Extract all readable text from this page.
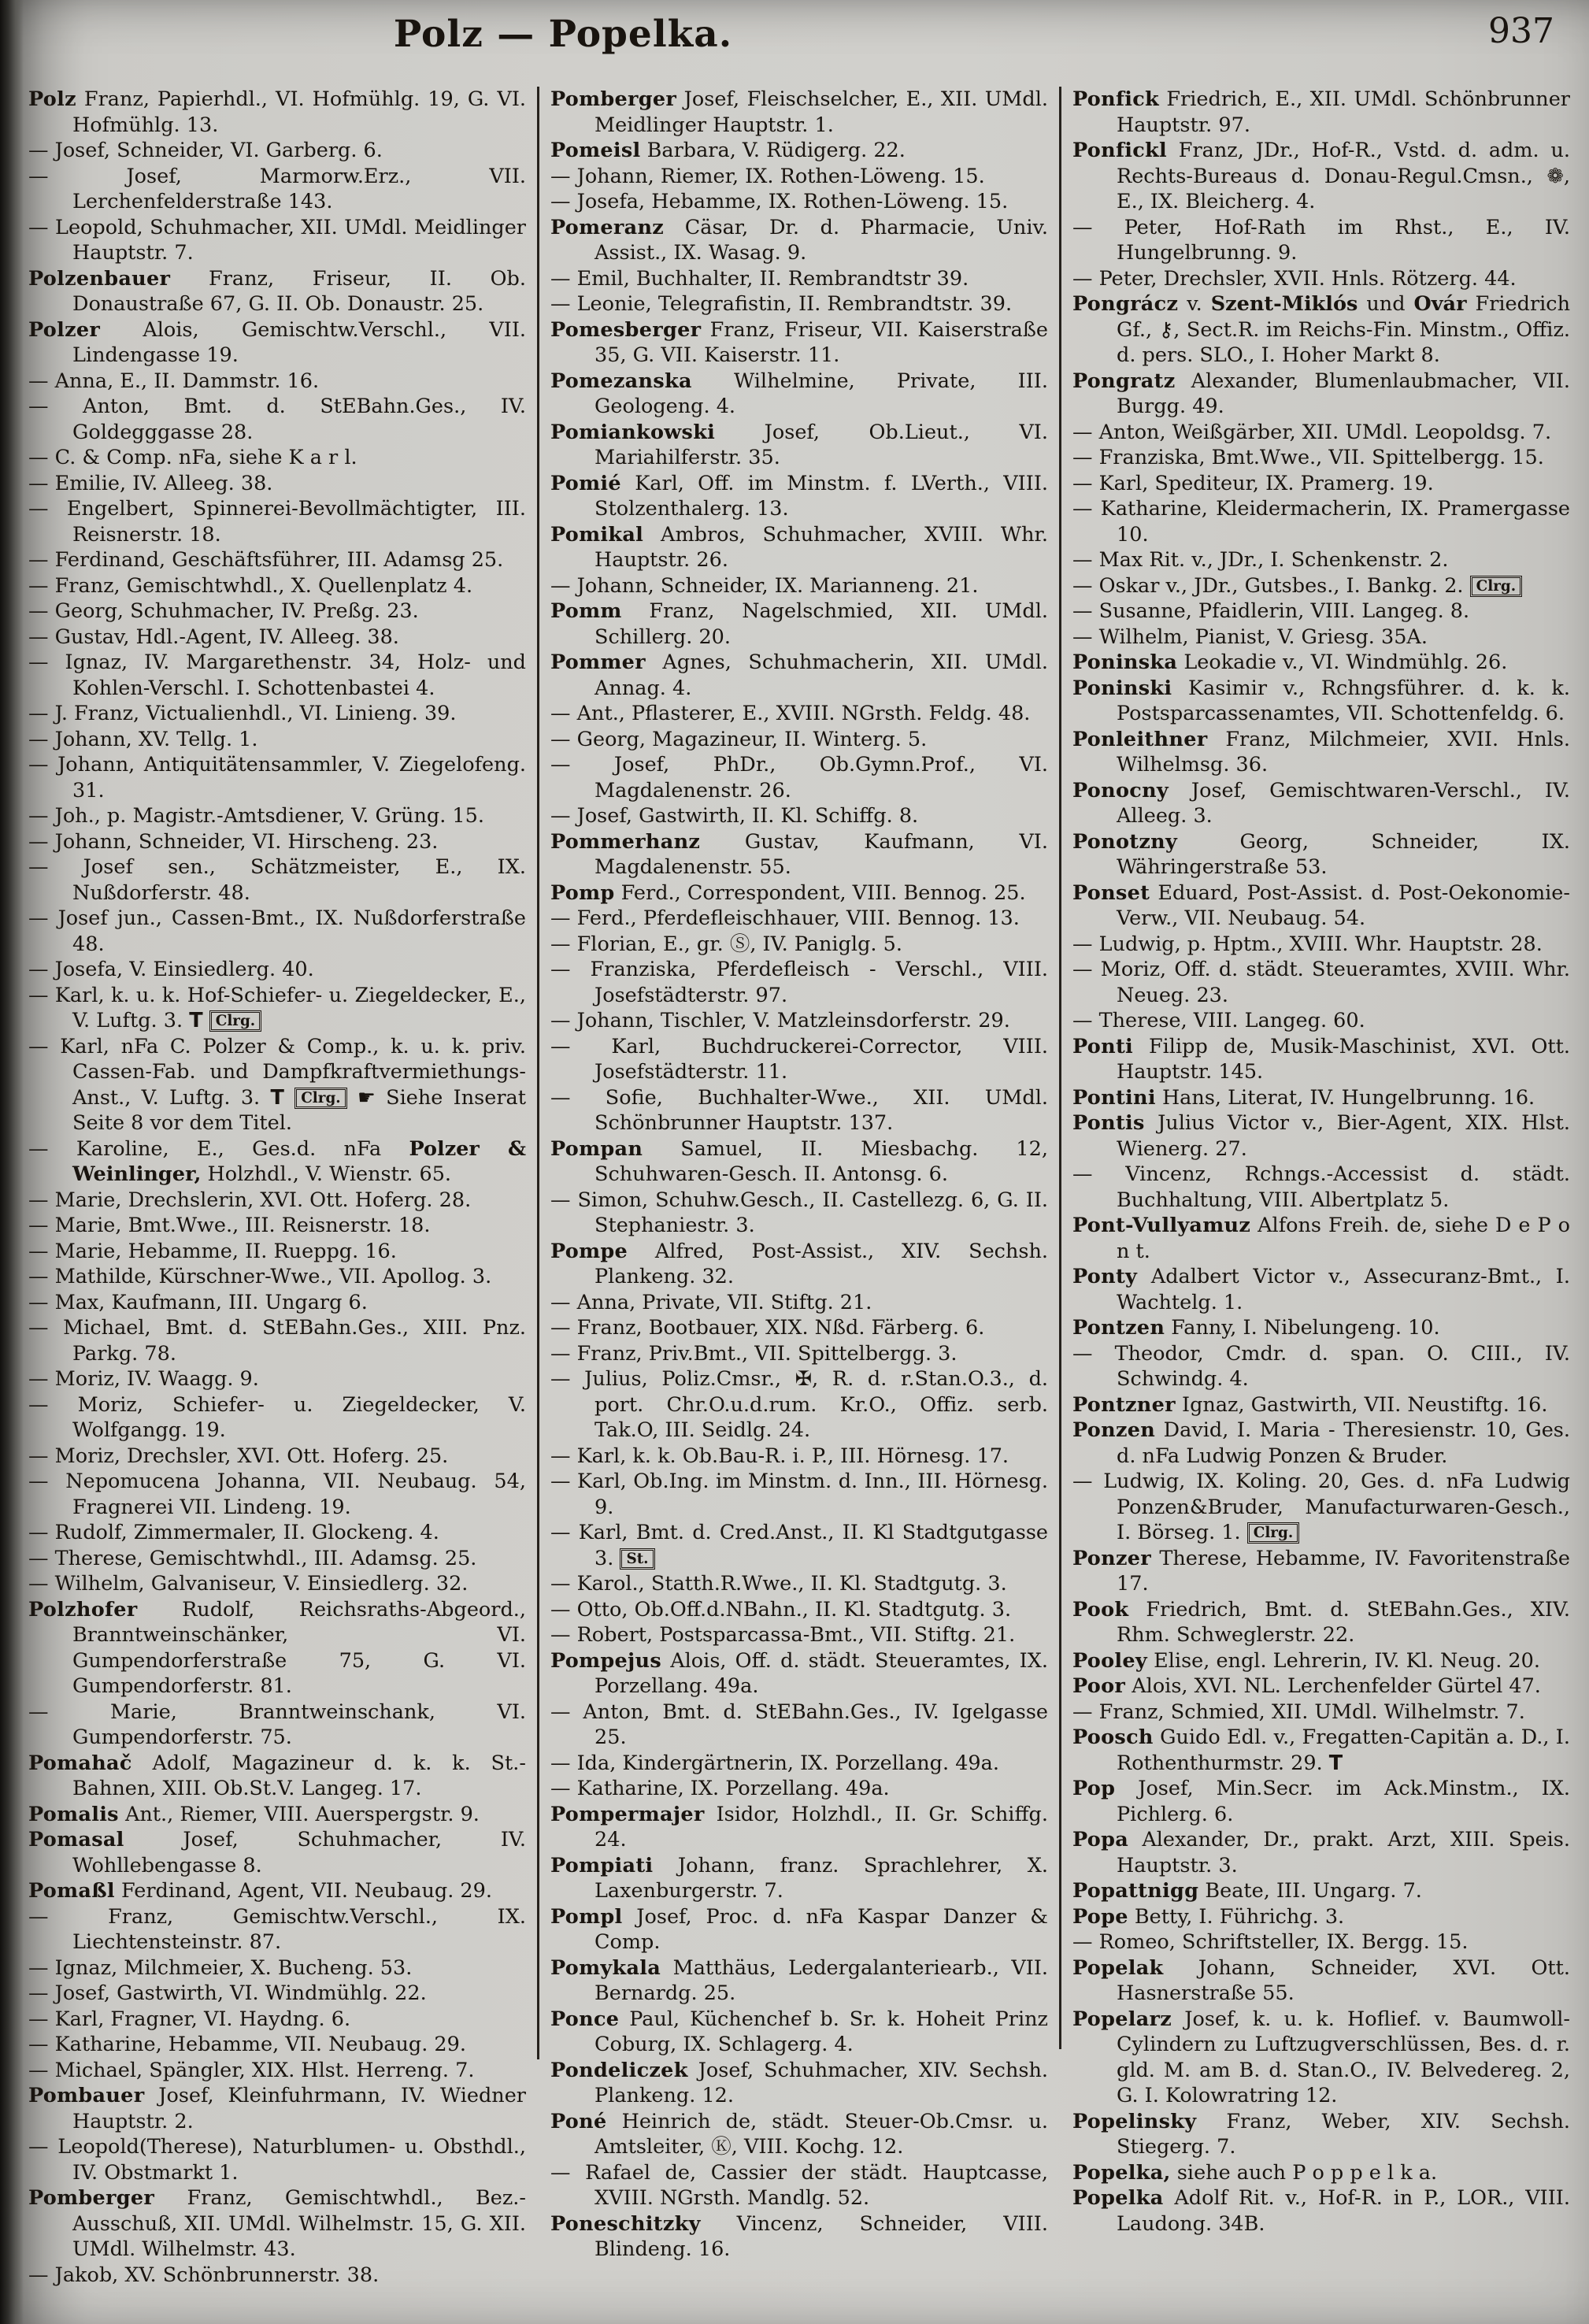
Polz — Popelka.	937

Polz Franz, Papierhdl., VI. Hofmühlg. 19, G. VI. Hofmühlg. 13.

— Josef, Schneider, VI. Garberg. 6.

— Josef, Marmorw.Erz., VII. Lerchenfelderstraße 143.

— Leopold, Schuhmacher, XII. UMdl. Meidlinger Hauptstr. 7.

Polzenbauer Franz, Friseur, II. Ob. Donaustraße 67, G. II. Ob. Donaustr. 25.

Polzer Alois, Gemischtw.Verschl., VII. Lindengasse 19.

— Anna, E., II. Dammstr. 16.

— Anton, Bmt. d. StEBahn.Ges., IV. Goldegggasse 28.

— C. & Comp. nFa, siehe K a r l.

— Emilie, IV. Alleeg. 38.

— Engelbert, Spinnerei-Bevollmächtigter, III. Reisnerstr. 18.

— Ferdinand, Geschäftsführer, III. Adamsg 25.

— Franz, Gemischtwhdl., X. Quellenplatz 4.

— Georg, Schuhmacher, IV. Preßg. 23.

— Gustav, Hdl.-Agent, IV. Alleeg. 38.

— Ignaz, IV. Margarethenstr. 34, Holz- und Kohlen-Verschl. I. Schottenbastei 4.

— J. Franz, Victualienhdl., VI. Linieng. 39.

— Johann, XV. Tellg. 1.

— Johann, Antiquitätensammler, V. Ziegelofeng. 31.

— Joh., p. Magistr.-Amtsdiener, V. Grüng. 15.

— Johann, Schneider, VI. Hirscheng. 23.

— Josef sen., Schätzmeister, E., IX. Nußdorferstr. 48.

— Josef jun., Cassen-Bmt., IX. Nußdorferstraße 48.

— Josefa, V. Einsiedlerg. 40.

— Karl, k. u. k. Hof-Schiefer- u. Ziegeldecker, E., V. Luftg. 3. T Clrg.

— Karl, nFa C. Polzer & Comp., k. u. k. priv. Cassen-Fab. und Dampfkraftvermiethungs-Anst., V. Luftg. 3. T Clrg. ☛ Siehe Inserat Seite 8 vor dem Titel.

— Karoline, E., Ges.d. nFa Polzer & Weinlinger, Holzhdl., V. Wienstr. 65.

— Marie, Drechslerin, XVI. Ott. Hoferg. 28.

— Marie, Bmt.Wwe., III. Reisnerstr. 18.

— Marie, Hebamme, II. Rueppg. 16.

— Mathilde, Kürschner-Wwe., VII. Apollog. 3.

— Max, Kaufmann, III. Ungarg 6.

— Michael, Bmt. d. StEBahn.Ges., XIII. Pnz. Parkg. 78.

— Moriz, IV. Waagg. 9.

— Moriz, Schiefer- u. Ziegeldecker, V. Wolfgangg. 19.

— Moriz, Drechsler, XVI. Ott. Hoferg. 25.

— Nepomucena Johanna, VII. Neubaug. 54, Fragnerei VII. Lindeng. 19.

— Rudolf, Zimmermaler, II. Glockeng. 4.

— Therese, Gemischtwhdl., III. Adamsg. 25.

— Wilhelm, Galvaniseur, V. Einsiedlerg. 32.

Polzhofer Rudolf, Reichsraths-Abgeord., Branntweinschänker, VI. Gumpendorferstraße 75, G. VI. Gumpendorferstr. 81.

— Marie, Branntweinschank, VI. Gumpendorferstr. 75.

Pomahač Adolf, Magazineur d. k. k. St.-Bahnen, XIII. Ob.St.V. Langeg. 17.

Pomalis Ant., Riemer, VIII. Auerspergstr. 9.

Pomasal Josef, Schuhmacher, IV. Wohllebengasse 8.

Pomaßl Ferdinand, Agent, VII. Neubaug. 29.

— Franz, Gemischtw.Verschl., IX. Liechtensteinstr. 87.

— Ignaz, Milchmeier, X. Bucheng. 53.

— Josef, Gastwirth, VI. Windmühlg. 22.

— Karl, Fragner, VI. Haydng. 6.

— Katharine, Hebamme, VII. Neubaug. 29.

— Michael, Spängler, XIX. Hlst. Herreng. 7.

Pombauer Josef, Kleinfuhrmann, IV. Wiedner Hauptstr. 2.

— Leopold(Therese), Naturblumen- u. Obsthdl., IV. Obstmarkt 1.

Pomberger Franz, Gemischtwhdl., Bez.-Ausschuß, XII. UMdl. Wilhelmstr. 15, G. XII. UMdl. Wilhelmstr. 43.

— Jakob, XV. Schönbrunnerstr. 38.

Pomberger Josef, Fleischselcher, E., XII. UMdl. Meidlinger Hauptstr. 1.

Pomeisl Barbara, V. Rüdigerg. 22.

— Johann, Riemer, IX. Rothen-Löweng. 15.

— Josefa, Hebamme, IX. Rothen-Löweng. 15.

Pomeranz Cäsar, Dr. d. Pharmacie, Univ. Assist., IX. Wasag. 9.

— Emil, Buchhalter, II. Rembrandtstr 39.

— Leonie, Telegrafistin, II. Rembrandtstr. 39.

Pomesberger Franz, Friseur, VII. Kaiserstraße 35, G. VII. Kaiserstr. 11.

Pomezanska Wilhelmine, Private, III. Geologeng. 4.

Pomiankowski Josef, Ob.Lieut., VI. Mariahilferstr. 35.

Pomié Karl, Off. im Minstm. f. LVerth., VIII. Stolzenthalerg. 13.

Pomikal Ambros, Schuhmacher, XVIII. Whr. Hauptstr. 26.

— Johann, Schneider, IX. Marianneng. 21.

Pomm Franz, Nagelschmied, XII. UMdl. Schillerg. 20.

Pommer Agnes, Schuhmacherin, XII. UMdl. Annag. 4.

— Ant., Pflasterer, E., XVIII. NGrsth. Feldg. 48.

— Georg, Magazineur, II. Winterg. 5.

— Josef, PhDr., Ob.Gymn.Prof., VI. Magdalenenstr. 26.

— Josef, Gastwirth, II. Kl. Schiffg. 8.

Pommerhanz Gustav, Kaufmann, VI. Magdalenenstr. 55.

Pomp Ferd., Correspondent, VIII. Bennog. 25.

— Ferd., Pferdefleischhauer, VIII. Bennog. 13.

— Florian, E., gr. Ⓢ, IV. Paniglg. 5.

— Franziska, Pferdefleisch - Verschl., VIII. Josefstädterstr. 97.

— Johann, Tischler, V. Matzleinsdorferstr. 29.

— Karl, Buchdruckerei-Corrector, VIII. Josefstädterstr. 11.

— Sofie, Buchhalter-Wwe., XII. UMdl. Schönbrunner Hauptstr. 137.

Pompan Samuel, II. Miesbachg. 12, Schuhwaren-Gesch. II. Antonsg. 6.

— Simon, Schuhw.Gesch., II. Castellezg. 6, G. II. Stephaniestr. 3.

Pompe Alfred, Post-Assist., XIV. Sechsh. Plankeng. 32.

— Anna, Private, VII. Stiftg. 21.

— Franz, Bootbauer, XIX. Nßd. Färberg. 6.

— Franz, Priv.Bmt., VII. Spittelbergg. 3.

— Julius, Poliz.Cmsr., ✠, R. d. r.Stan.O.3., d. port. Chr.O.u.d.rum. Kr.O., Offiz. serb. Tak.O, III. Seidlg. 24.

— Karl, k. k. Ob.Bau-R. i. P., III. Hörnesg. 17.

— Karl, Ob.Ing. im Minstm. d. Inn., III. Hörnesg. 9.

— Karl, Bmt. d. Cred.Anst., II. Kl Stadtgutgasse 3. St.

— Karol., Statth.R.Wwe., II. Kl. Stadtgutg. 3.

— Otto, Ob.Off.d.NBahn., II. Kl. Stadtgutg. 3.

— Robert, Postsparcassa-Bmt., VII. Stiftg. 21.

Pompejus Alois, Off. d. städt. Steueramtes, IX. Porzellang. 49a.

— Anton, Bmt. d. StEBahn.Ges., IV. Igelgasse 25.

— Ida, Kindergärtnerin, IX. Porzellang. 49a.

— Katharine, IX. Porzellang. 49a.

Pompermajer Isidor, Holzhdl., II. Gr. Schiffg. 24.

Pompiati Johann, franz. Sprachlehrer, X. Laxenburgerstr. 7.

Pompl Josef, Proc. d. nFa Kaspar Danzer & Comp.

Pomykala Matthäus, Ledergalanteriearb., VII. Bernardg. 25.

Ponce Paul, Küchenchef b. Sr. k. Hoheit Prinz Coburg, IX. Schlagerg. 4.

Pondeliczek Josef, Schuhmacher, XIV. Sechsh. Plankeng. 12.

Poné Heinrich de, städt. Steuer-Ob.Cmsr. u. Amtsleiter, Ⓚ, VIII. Kochg. 12.

— Rafael de, Cassier der städt. Hauptcasse, XVIII. NGrsth. Mandlg. 52.

Poneschitzky Vincenz, Schneider, VIII. Blindeng. 16.

Ponfick Friedrich, E., XII. UMdl. Schönbrunner Hauptstr. 97.

Ponfickl Franz, JDr., Hof-R., Vstd. d. adm. u. Rechts-Bureaus d. Donau-Regul.Cmsn., ❁, E., IX. Bleicherg. 4.

— Peter, Hof-Rath im Rhst., E., IV. Hungelbrunng. 9.

— Peter, Drechsler, XVII. Hnls. Rötzerg. 44.

Pongrácz v. Szent-Miklós und Ovár Friedrich Gf., ⚷, Sect.R. im Reichs-Fin. Minstm., Offiz. d. pers. SLO., I. Hoher Markt 8.

Pongratz Alexander, Blumenlaubmacher, VII. Burgg. 49.

— Anton, Weißgärber, XII. UMdl. Leopoldsg. 7.

— Franziska, Bmt.Wwe., VII. Spittelbergg. 15.

— Karl, Spediteur, IX. Pramerg. 19.

— Katharine, Kleidermacherin, IX. Pramergasse 10.

— Max Rit. v., JDr., I. Schenkenstr. 2.

— Oskar v., JDr., Gutsbes., I. Bankg. 2. Clrg.

— Susanne, Pfaidlerin, VIII. Langeg. 8.

— Wilhelm, Pianist, V. Griesg. 35A.

Poninska Leokadie v., VI. Windmühlg. 26.

Poninski Kasimir v., Rchngsführer. d. k. k. Postsparcassenamtes, VII. Schottenfeldg. 6.

Ponleithner Franz, Milchmeier, XVII. Hnls. Wilhelmsg. 36.

Ponocny Josef, Gemischtwaren-Verschl., IV. Alleeg. 3.

Ponotzny Georg, Schneider, IX. Währingerstraße 53.

Ponset Eduard, Post-Assist. d. Post-Oekonomie-Verw., VII. Neubaug. 54.

— Ludwig, p. Hptm., XVIII. Whr. Hauptstr. 28.

— Moriz, Off. d. städt. Steueramtes, XVIII. Whr. Neueg. 23.

— Therese, VIII. Langeg. 60.

Ponti Filipp de, Musik-Maschinist, XVI. Ott. Hauptstr. 145.

Pontini Hans, Literat, IV. Hungelbrunng. 16.

Pontis Julius Victor v., Bier-Agent, XIX. Hlst. Wienerg. 27.

— Vincenz, Rchngs.-Accessist d. städt. Buchhaltung, VIII. Albertplatz 5.

Pont-Vullyamuz Alfons Freih. de, siehe D e P o n t.

Ponty Adalbert Victor v., Assecuranz-Bmt., I. Wachtelg. 1.

Pontzen Fanny, I. Nibelungeng. 10.

— Theodor, Cmdr. d. span. O. CIII., IV. Schwindg. 4.

Pontzner Ignaz, Gastwirth, VII. Neustiftg. 16.

Ponzen David, I. Maria - Theresienstr. 10, Ges. d. nFa Ludwig Ponzen & Bruder.

— Ludwig, IX. Koling. 20, Ges. d. nFa Ludwig Ponzen&Bruder, Manufacturwaren-Gesch., I. Börseg. 1. Clrg.

Ponzer Therese, Hebamme, IV. Favoritenstraße 17.

Pook Friedrich, Bmt. d. StEBahn.Ges., XIV. Rhm. Schweglerstr. 22.

Pooley Elise, engl. Lehrerin, IV. Kl. Neug. 20.

Poor Alois, XVI. NL. Lerchenfelder Gürtel 47.

— Franz, Schmied, XII. UMdl. Wilhelmstr. 7.

Poosch Guido Edl. v., Fregatten-Capitän a. D., I. Rothenthurmstr. 29. T

Pop Josef, Min.Secr. im Ack.Minstm., IX. Pichlerg. 6.

Popa Alexander, Dr., prakt. Arzt, XIII. Speis. Hauptstr. 3.

Popattnigg Beate, III. Ungarg. 7.

Pope Betty, I. Führichg. 3.

— Romeo, Schriftsteller, IX. Bergg. 15.

Popelak Johann, Schneider, XVI. Ott. Hasnerstraße 55.

Popelarz Josef, k. u. k. Hoflief. v. Baumwoll-Cylindern zu Luftzugverschlüssen, Bes. d. r. gld. M. am B. d. Stan.O., IV. Belvedereg. 2, G. I. Kolowratring 12.

Popelinsky Franz, Weber, XIV. Sechsh. Stiegerg. 7.

Popelka, siehe auch P o p p e l k a.

Popelka Adolf Rit. v., Hof-R. in P., LOR., VIII. Laudong. 34B.
